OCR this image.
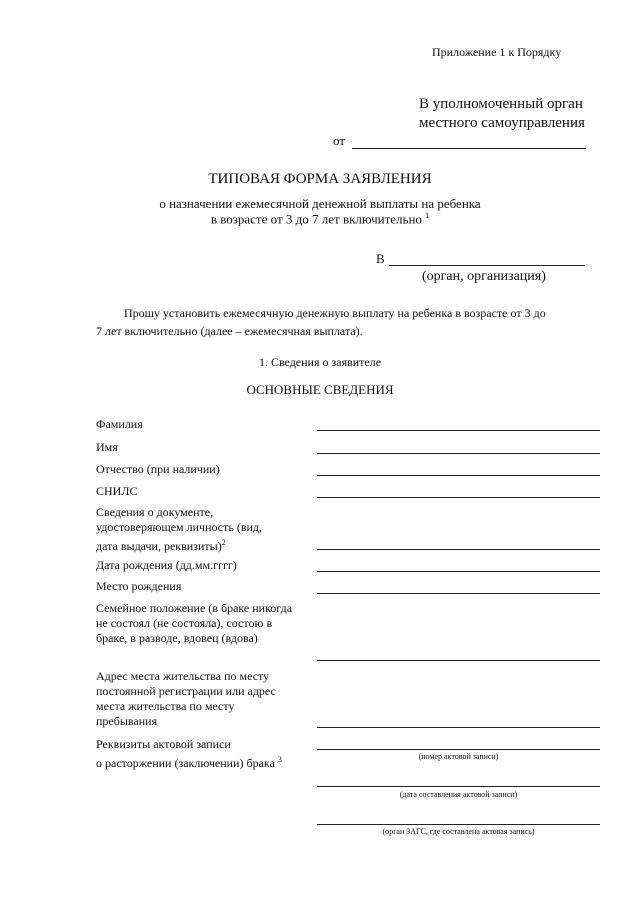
Приложение 1 к Порядку
В уполномоченный орган
местного самоуправления
от
ТИПОВАЯ ФОРМА ЗАЯВЛЕНИЯ
о назначении ежемесячной денежной выплаты на ребенка
в возрасте от 3 до 7 лет включительно $^1$
В
(орган, организация)
Прошу установить ежемесячную денежную выплату на ребенка в возрасте от 3 до
7 лет включительно (далее – ежемесячная выплата).
1. Сведения о заявителе
ОСНОВНЫЕ СВЕДЕНИЯ
Фамилия
Имя
Отчество (при наличии)
СНИЛС
Сведения о документе, удостоверяющем личность (вид, дата выдачи, реквизиты)$^2$
Дата рождения (дд.мм.гггг)
Место рождения
Семейное положение (в браке никогда не состоял (не состояла), состою в браке, в разводе, вдовец (вдова)
Адрес места жительства по месту постоянной регистрации или адрес места жительства по месту пребывания
Реквизиты актовой записи
о расторжении (заключении) брака $^3$	(номер актовой записи)
(дата составления актовой записи)
(орган ЗАГС, где составлена актовая запись)
